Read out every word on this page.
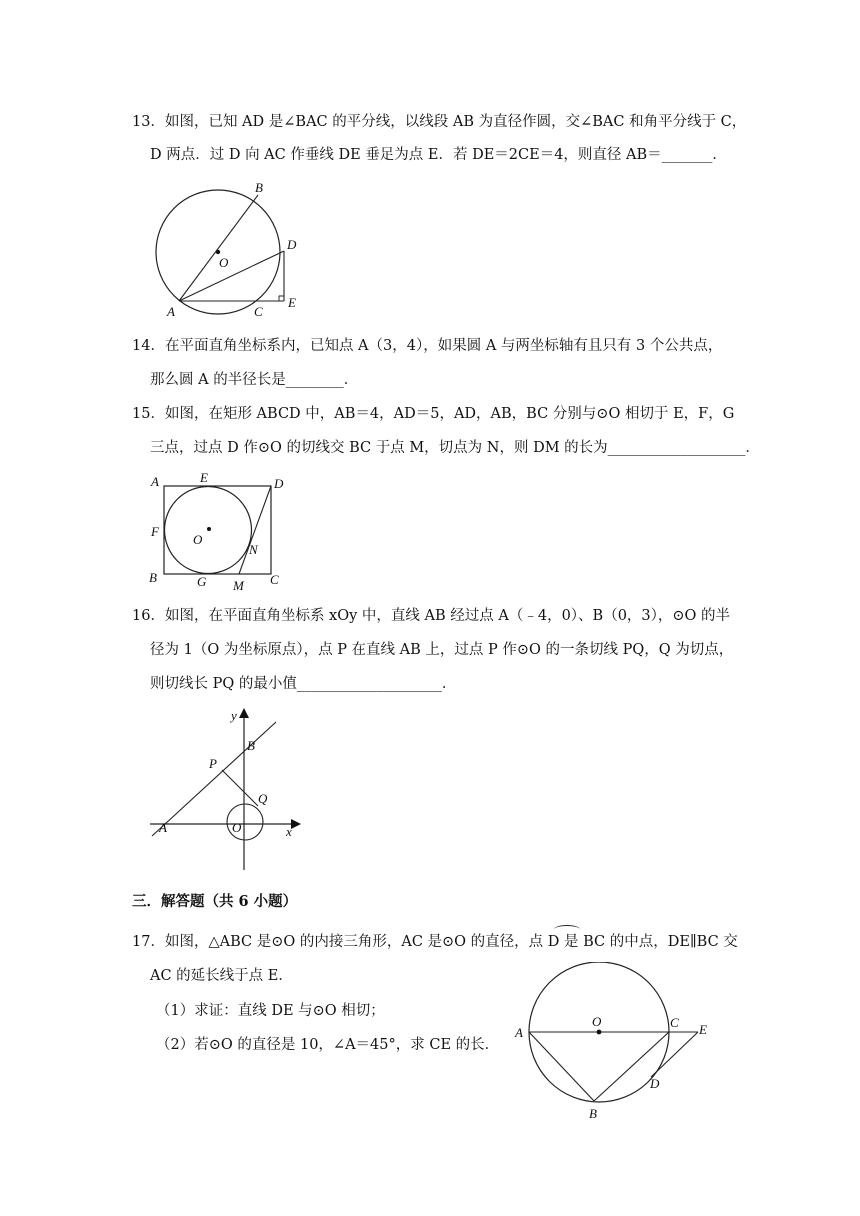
13．如图，已知 AD 是∠BAC 的平分线，以线段 AB 为直径作圆，交∠BAC 和角平分线于 C，
D 两点．过 D 向 AC 作垂线 DE 垂足为点 E．若 DE＝2CE＝4，则直径 AB＝_______．
B
O
D
A	C
E
14．在平面直角坐标系内，已知点 A（3，4），如果圆 A 与两坐标轴有且只有 3 个公共点，
那么圆 A 的半径长是________．
15．如图，在矩形 ABCD 中，AB＝4，AD＝5，AD，AB，BC 分别与⊙O 相切于 E，F，G
三点，过点 D 作⊙O 的切线交 BC 于点 M，切点为 N，则 DM 的长为___________________．
A	E	D
F
O
N
B	G M C
16．如图，在平面直角坐标系 xOy 中，直线 AB 经过点 A（﹣4，0）、B（0，3），⊙O 的半
径为 1（O 为坐标原点），点 P 在直线 AB 上，过点 P 作⊙O 的一条切线 PQ，Q 为切点，
则切线长 PQ 的最小值____________________．
y
B
P
Q
A	O	x
三．解答题（共 6 小题）
17．如图，△ABC 是⊙O 的内接三角形，AC 是⊙O 的直径，点 D 是 BC 的中点，DE∥BC 交
AC 的延长线于点 E．
（1）求证：直线 DE 与⊙O 相切；
（2）若⊙O 的直径是 10，∠A＝45°，求 CE 的长．
A
O	C E
D
B
